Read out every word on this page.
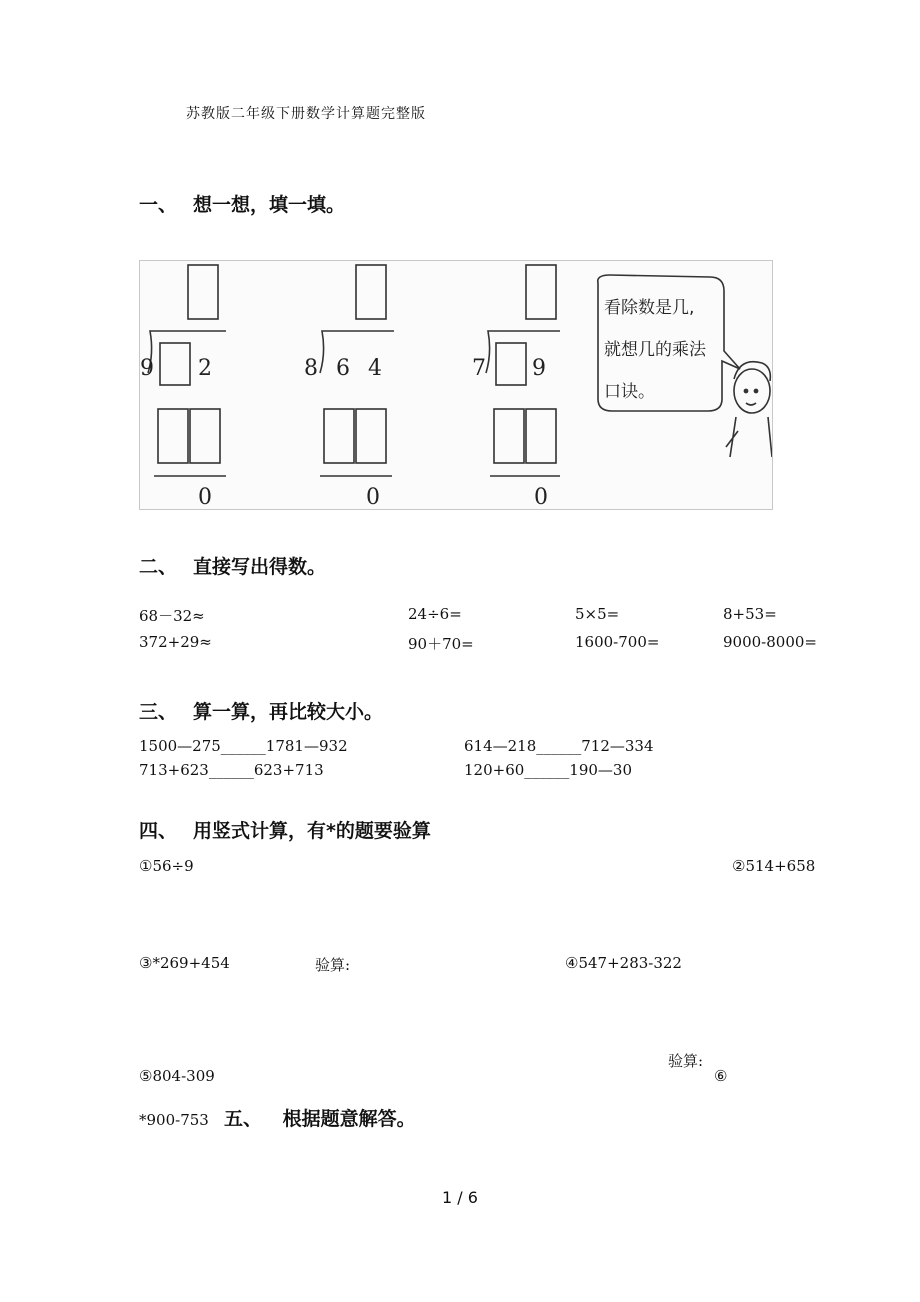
苏教版二年级下册数学计算题完整版
一、 想一想，填一填。
9 2
0
8 6 4
0
7 9
0
看除数是几,
就想几的乘法
口诀。
二、 直接写出得数。
68－32≈	24÷6=	5×5=	8+53=
372+29≈	90＋70=	1600-700=	9000-8000=
三、 算一算，再比较大小。
1500—275______1781—932	614—218______712—334
713+623______623+713	120+60______190—30
四、 用竖式计算，有*的题要验算
①56÷9	②514+658
③*269+454	验算:	④547+283-322
验算:
⑥
⑤804-309
*900-753 五、 根据题意解答。
1 / 6
